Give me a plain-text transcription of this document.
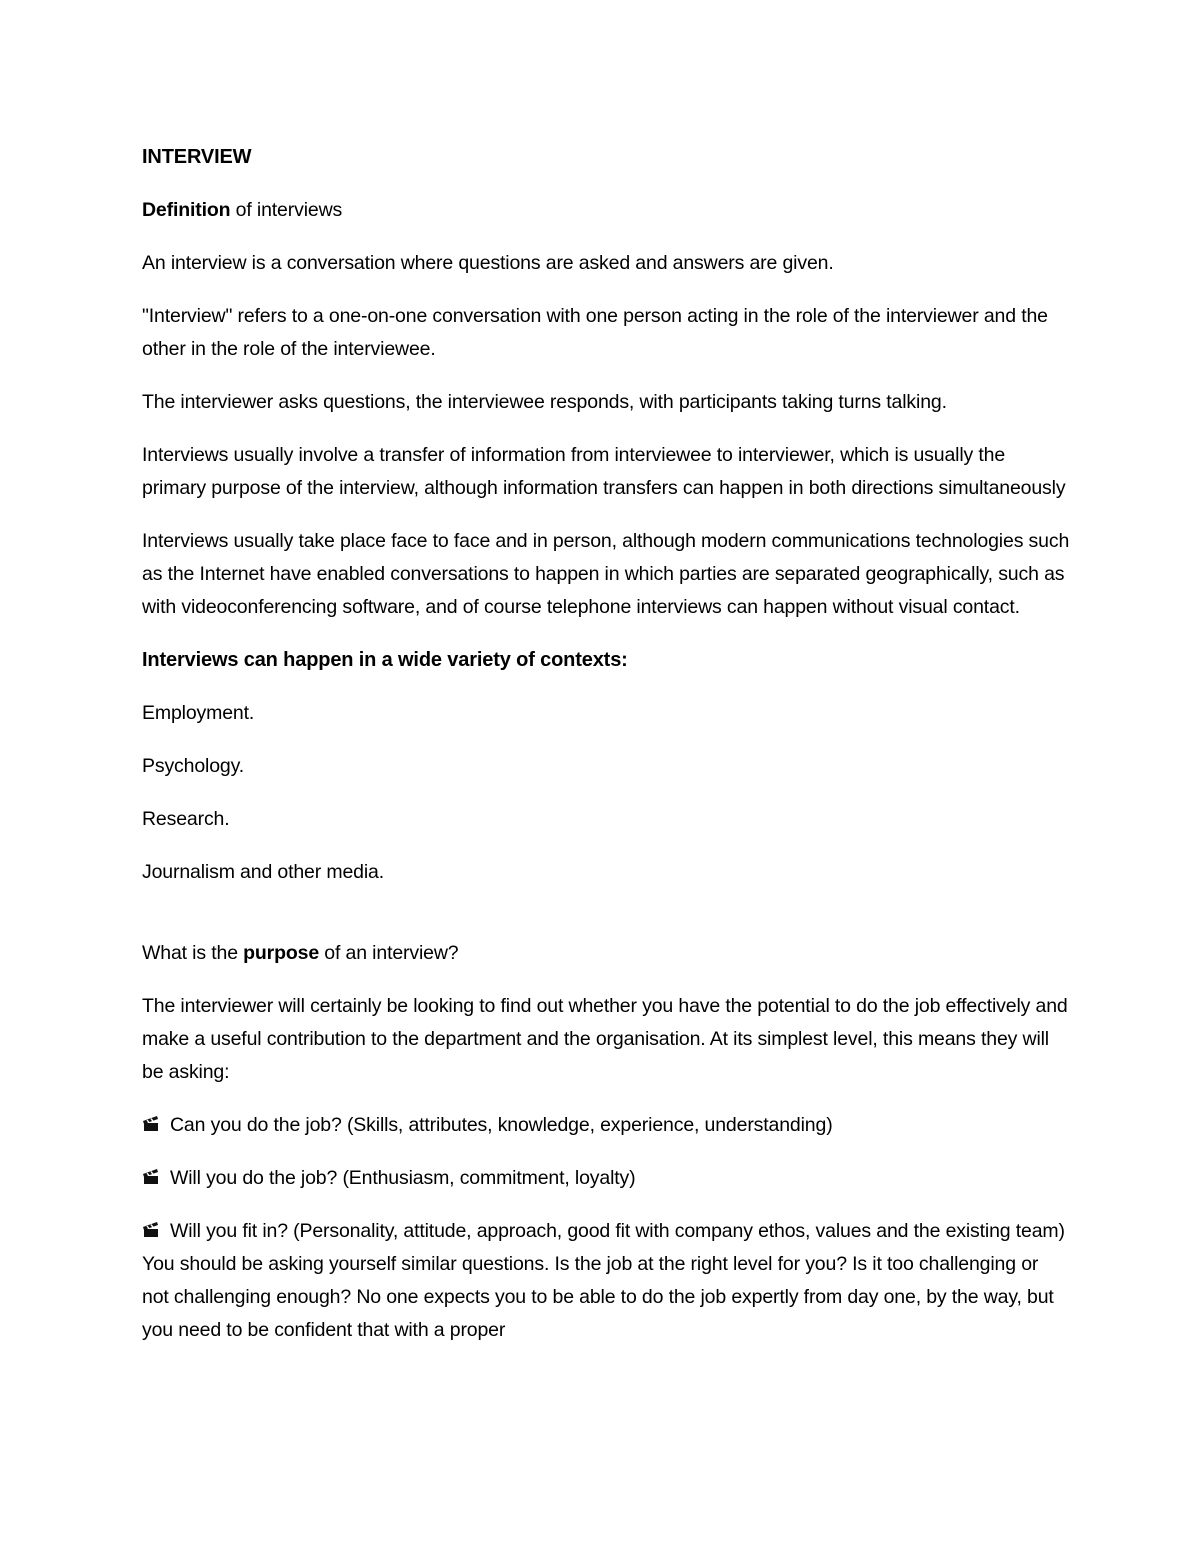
INTERVIEW

Definition of interviews

An interview is a conversation where questions are asked and answers are given.

"Interview" refers to a one-on-one conversation with one person acting in the role of the interviewer and the other in the role of the interviewee.

The interviewer asks questions, the interviewee responds, with participants taking turns talking.

Interviews usually involve a transfer of information from interviewee to interviewer, which is usually the primary purpose of the interview, although information transfers can happen in both directions simultaneously

Interviews usually take place face to face and in person, although modern communications technologies such as the Internet have enabled conversations to happen in which parties are separated geographically, such as with videoconferencing software, and of course telephone interviews can happen without visual contact.

Interviews can happen in a wide variety of contexts:

Employment.

Psychology.

Research.

Journalism and other media.

What is the purpose of an interview?

The interviewer will certainly be looking to find out whether you have the potential to do the job effectively and make a useful contribution to the department and the organisation. At its simplest level, this means they will be asking:

Can you do the job? (Skills, attributes, knowledge, experience, understanding)

Will you do the job? (Enthusiasm, commitment, loyalty)

Will you fit in? (Personality, attitude, approach, good fit with company ethos, values and the existing team) You should be asking yourself similar questions. Is the job at the right level for you? Is it too challenging or not challenging enough? No one expects you to be able to do the job expertly from day one, by the way, but you need to be confident that with a proper
